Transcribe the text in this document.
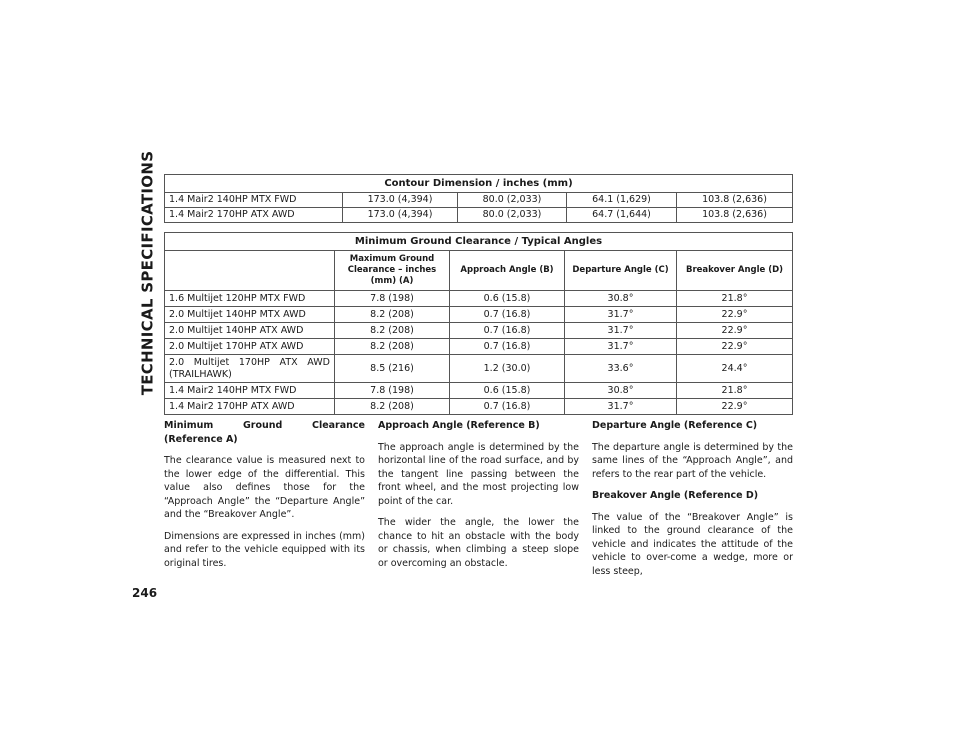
TECHNICAL SPECIFICATIONS	Contour Dimension / inches (mm)				
1.4 Mair2 140HP MTX FWD	173.0 (4,394)	80.0 (2,033)	64.1 (1,629)	103.8 (2,636)
1.4 Mair2 170HP ATX AWD	173.0 (4,394)	80.0 (2,033)	64.7 (1,644)	103.8 (2,636)
Minimum Ground Clearance / Typical Angles				
	Maximum Ground Clearance – inches (mm) (A)	Approach Angle (B)	Departure Angle (C)	Breakover Angle (D)
1.6 Multijet 120HP MTX FWD	7.8 (198)	0.6 (15.8)	30.8°	21.8°
2.0 Multijet 140HP MTX AWD	8.2 (208)	0.7 (16.8)	31.7°	22.9°
2.0 Multijet 140HP ATX AWD	8.2 (208)	0.7 (16.8)	31.7°	22.9°
2.0 Multijet 170HP ATX AWD	8.2 (208)	0.7 (16.8)	31.7°	22.9°
2.0 Multijet 170HP ATX AWD (TRAILHAWK)	8.5 (216)	1.2 (30.0)	33.6°	24.4°
1.4 Mair2 140HP MTX FWD	7.8 (198)	0.6 (15.8)	30.8°	21.8°
1.4 Mair2 170HP ATX AWD	8.2 (208)	0.7 (16.8)	31.7°	22.9°
Minimum Ground Clearance (Reference A)

The clearance value is measured next to the lower edge of the differential. This value also defines those for the “Approach Angle” the “Departure Angle” and the “Breakover Angle”.

Dimensions are expressed in inches (mm) and refer to the vehicle equipped with its original tires.

Approach Angle (Reference B)

The approach angle is determined by the horizontal line of the road surface, and by the tangent line passing between the front wheel, and the most projecting low point of the car.

The wider the angle, the lower the chance to hit an obstacle with the body or chassis, when climbing a steep slope or overcoming an obstacle.

Departure Angle (Reference C)

The departure angle is determined by the same lines of the “Approach Angle”, and refers to the rear part of the vehicle.

Breakover Angle (Reference D)

The value of the “Breakover Angle” is linked to the ground clearance of the vehicle and indicates the attitude of the vehicle to over-come a wedge, more or less steep,

246
